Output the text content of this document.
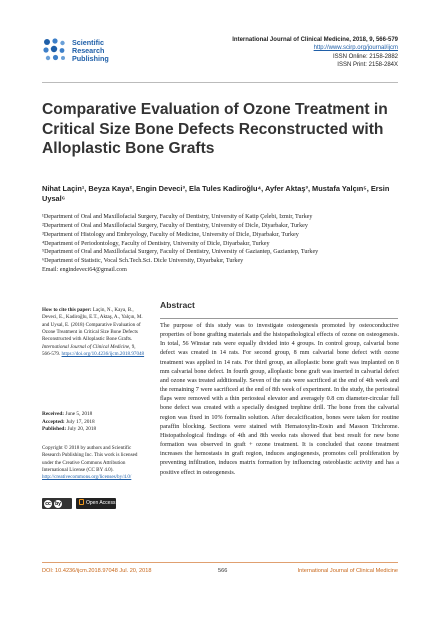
Scientific
Research
Publishing
International Journal of Clinical Medicine, 2018, 9, 566-579
http://www.scirp.org/journal/ijcm
ISSN Online: 2158-2882
ISSN Print: 2158-284X
Comparative Evaluation of Ozone Treatment in Critical Size Bone Defects Reconstructed with Alloplastic Bone Grafts
Nihat Laçin¹, Beyza Kaya², Engin Deveci³, Ela Tules Kadiroğlu⁴, Ayfer Aktaş³, Mustafa Yalçın⁵, Ersin Uysal⁶
¹Department of Oral and Maxillofacial Surgery, Faculty of Dentistry, University of Katip Çelebi, Izmir, Turkey
²Department of Oral and Maxillofacial Surgery, Faculty of Dentistry, University of Dicle, Diyarbakır, Turkey
³Department of Histology and Embryology, Faculty of Medicine, University of Dicle, Diyarbakır, Turkey
⁴Department of Periodontology, Faculty of Dentistry, University of Dicle, Diyarbakır, Turkey
⁵Department of Oral and Maxillofacial Surgery, Faculty of Dentistry, University of Gaziantep, Gaziantep, Turkey
⁶Department of Statistic, Vocal Sch.Tech.Sci. Dicle University, Diyarbakır, Turkey
Email: engindeveci64@gmail.com
How to cite this paper: Laçin, N., Kaya, B., Deveci, E., Kadiroğlu, E.T., Aktaş, A., Yalçın, M. and Uysal, E. (2018) Comparative Evaluation of Ozone Treatment in Critical Size Bone Defects Reconstructed with Alloplastic Bone Grafts. International Journal of Clinical Medicine, 9, 566-579. https://doi.org/10.4236/ijcm.2018.97048
Received: June 5, 2018
Accepted: July 17, 2018
Published: July 20, 2018
Copyright © 2018 by authors and Scientific Research Publishing Inc. This work is licensed under the Creative Commons Attribution International License (CC BY 4.0). http://creativecommons.org/licenses/by/4.0/
cc by	Open Access
Abstract
The purpose of this study was to investigate osteogenesis promoted by osteoconductive properties of bone grafting materials and the histopathological effects of ozone on osteogenesis. In total, 56 Winstar rats were equally divided into 4 groups. In control group, calvarial bone defect was created in 14 rats. For second group, 8 mm calvarial bone defect with ozone treatment was applied in 14 rats. For third group, an alloplastic bone graft was implanted on 8 mm calvarial bone defect. In fourth group, alloplastic bone graft was inserted in calvarial defect and ozone was treated additionally. Seven of the rats were sacrificed at the end of 4th week and the remaining 7 were sacrificed at the end of 8th week of experiment. In the study, the periosteal flaps were removed with a thin periosteal elevator and averagely 0.8 cm diameter-circular full bone defect was created with a specially designed trephine drill. The bone from the calvarial region was fixed in 10% formalin solution. After decalcification, bones were taken for routine paraffin blocking. Sections were stained with Hematoxylin-Eosin and Masson Trichrome. Histopathological findings of 4th and 8th weeks rats showed that best result for new bone formation was observed in graft + ozone treatment. It is concluded that ozone treatment increases the hemostasis in graft region, induces angiogenesis, promotes cell proliferation by preventing infiltration, induces matrix formation by influencing osteoblastic activity and has a positive effect in osteogenesis.
DOI: 10.4236/ijcm.2018.97048 Jul. 20, 2018	566	International Journal of Clinical Medicine
